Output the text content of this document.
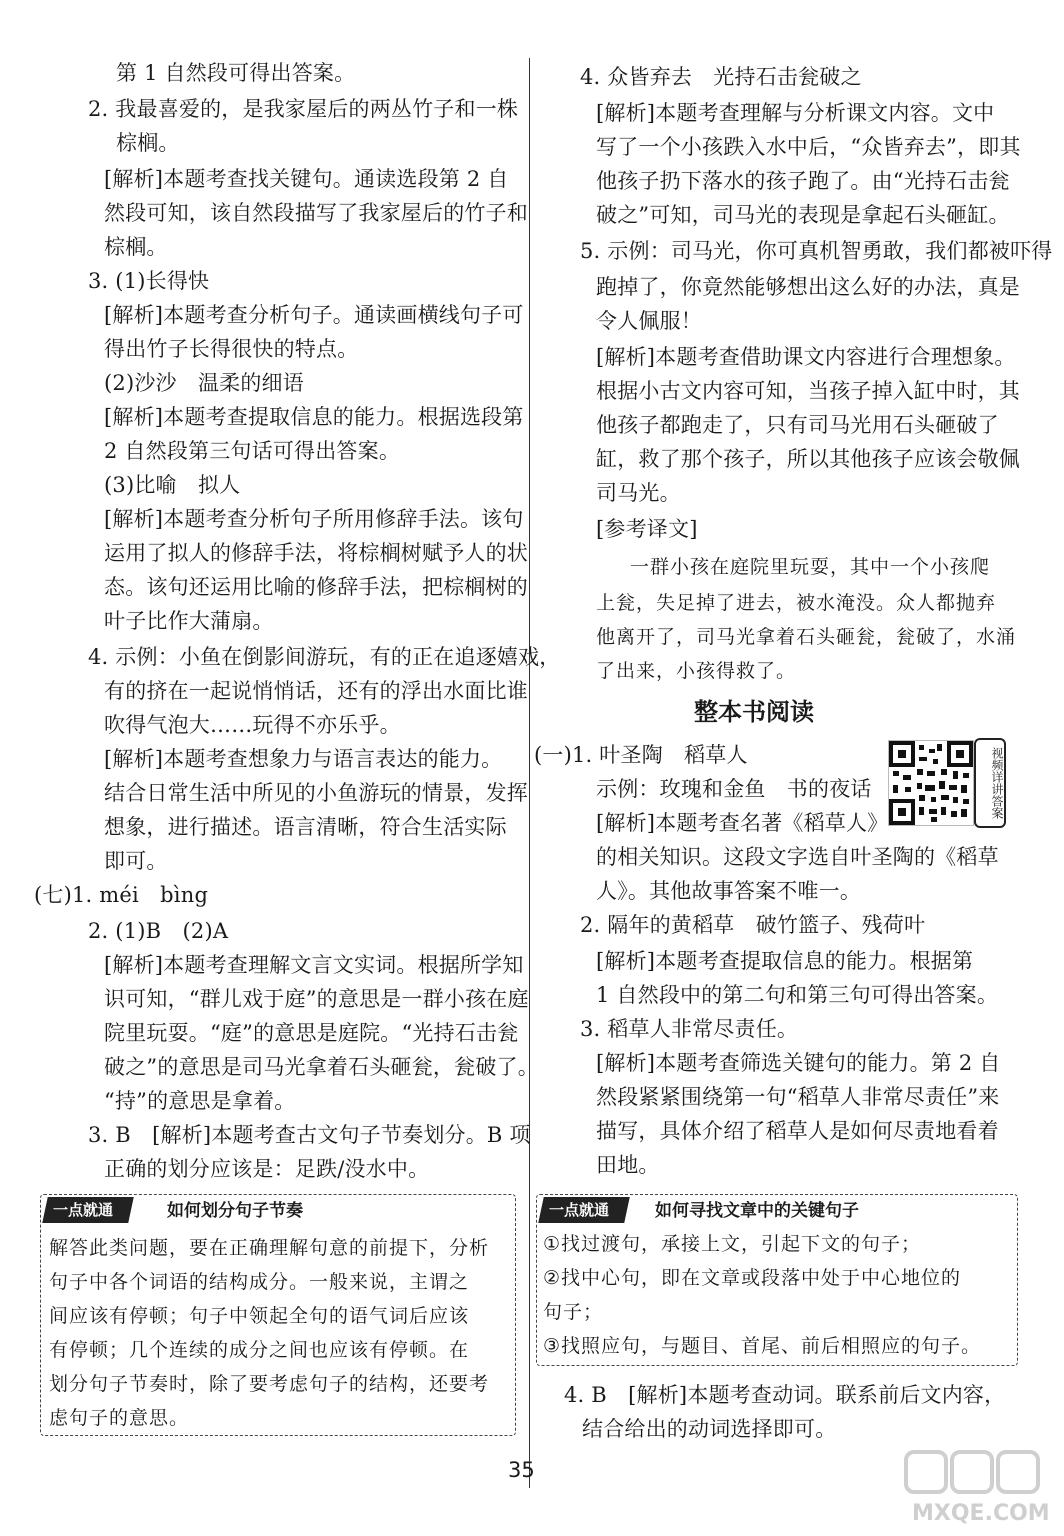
第 1 自然段可得出答案。
2. 我最喜爱的，是我家屋后的两丛竹子和一株
棕榈。
[解析]本题考查找关键句。通读选段第 2 自
然段可知，该自然段描写了我家屋后的竹子和
棕榈。
3. (1)长得快
[解析]本题考查分析句子。通读画横线句子可
得出竹子长得很快的特点。
(2)沙沙　温柔的细语
[解析]本题考查提取信息的能力。根据选段第
2 自然段第三句话可得出答案。
(3)比喻　拟人
[解析]本题考查分析句子所用修辞手法。该句
运用了拟人的修辞手法，将棕榈树赋予人的状
态。该句还运用比喻的修辞手法，把棕榈树的
叶子比作大蒲扇。
4. 示例：小鱼在倒影间游玩，有的正在追逐嬉戏，
有的挤在一起说悄悄话，还有的浮出水面比谁
吹得气泡大……玩得不亦乐乎。
[解析]本题考查想象力与语言表达的能力。
结合日常生活中所见的小鱼游玩的情景，发挥
想象，进行描述。语言清晰，符合生活实际
即可。
(七)1. méi　bìng
2. (1)B　(2)A
[解析]本题考查理解文言文实词。根据所学知
识可知，“群儿戏于庭”的意思是一群小孩在庭
院里玩耍。“庭”的意思是庭院。“光持石击瓮
破之”的意思是司马光拿着石头砸瓮，瓮破了。
“持”的意思是拿着。
3. B　[解析]本题考查古文句子节奏划分。B 项
正确的划分应该是：足跌/没水中。
一点就通	如何划分句子节奏
解答此类问题，要在正确理解句意的前提下，分析
句子中各个词语的结构成分。一般来说，主谓之
间应该有停顿；句子中领起全句的语气词后应该
有停顿；几个连续的成分之间也应该有停顿。在
划分句子节奏时，除了要考虑句子的结构，还要考
虑句子的意思。
4. 众皆弃去　光持石击瓮破之
[解析]本题考查理解与分析课文内容。文中
写了一个小孩跌入水中后，“众皆弃去”，即其
他孩子扔下落水的孩子跑了。由“光持石击瓮
破之”可知，司马光的表现是拿起石头砸缸。
5. 示例：司马光，你可真机智勇敢，我们都被吓得
跑掉了，你竟然能够想出这么好的办法，真是
令人佩服！
[解析]本题考查借助课文内容进行合理想象。
根据小古文内容可知，当孩子掉入缸中时，其
他孩子都跑走了，只有司马光用石头砸破了
缸，救了那个孩子，所以其他孩子应该会敬佩
司马光。
[参考译文]
一群小孩在庭院里玩耍，其中一个小孩爬
上瓮，失足掉了进去，被水淹没。众人都抛弃
他离开了，司马光拿着石头砸瓮，瓮破了，水涌
了出来，小孩得救了。
整本书阅读
(一)1. 叶圣陶　稻草人
示例：玫瑰和金鱼　书的夜话
[解析]本题考查名著《稻草人》
的相关知识。这段文字选自叶圣陶的《稻草
人》。其他故事答案不唯一。
2. 隔年的黄稻草　破竹篮子、残荷叶
[解析]本题考查提取信息的能力。根据第
1 自然段中的第二句和第三句可得出答案。
3. 稻草人非常尽责任。
[解析]本题考查筛选关键句的能力。第 2 自
然段紧紧围绕第一句“稻草人非常尽责任”来
描写，具体介绍了稻草人是如何尽责地看着
田地。
一点就通	如何寻找文章中的关键句子
①找过渡句，承接上文，引起下文的句子；
②找中心句，即在文章或段落中处于中心地位的
句子；
③找照应句，与题目、首尾、前后相照应的句子。
4. B　[解析]本题考查动词。联系前后文内容，
结合给出的动词选择即可。
视频详讲答案
35
MXQE.COM
